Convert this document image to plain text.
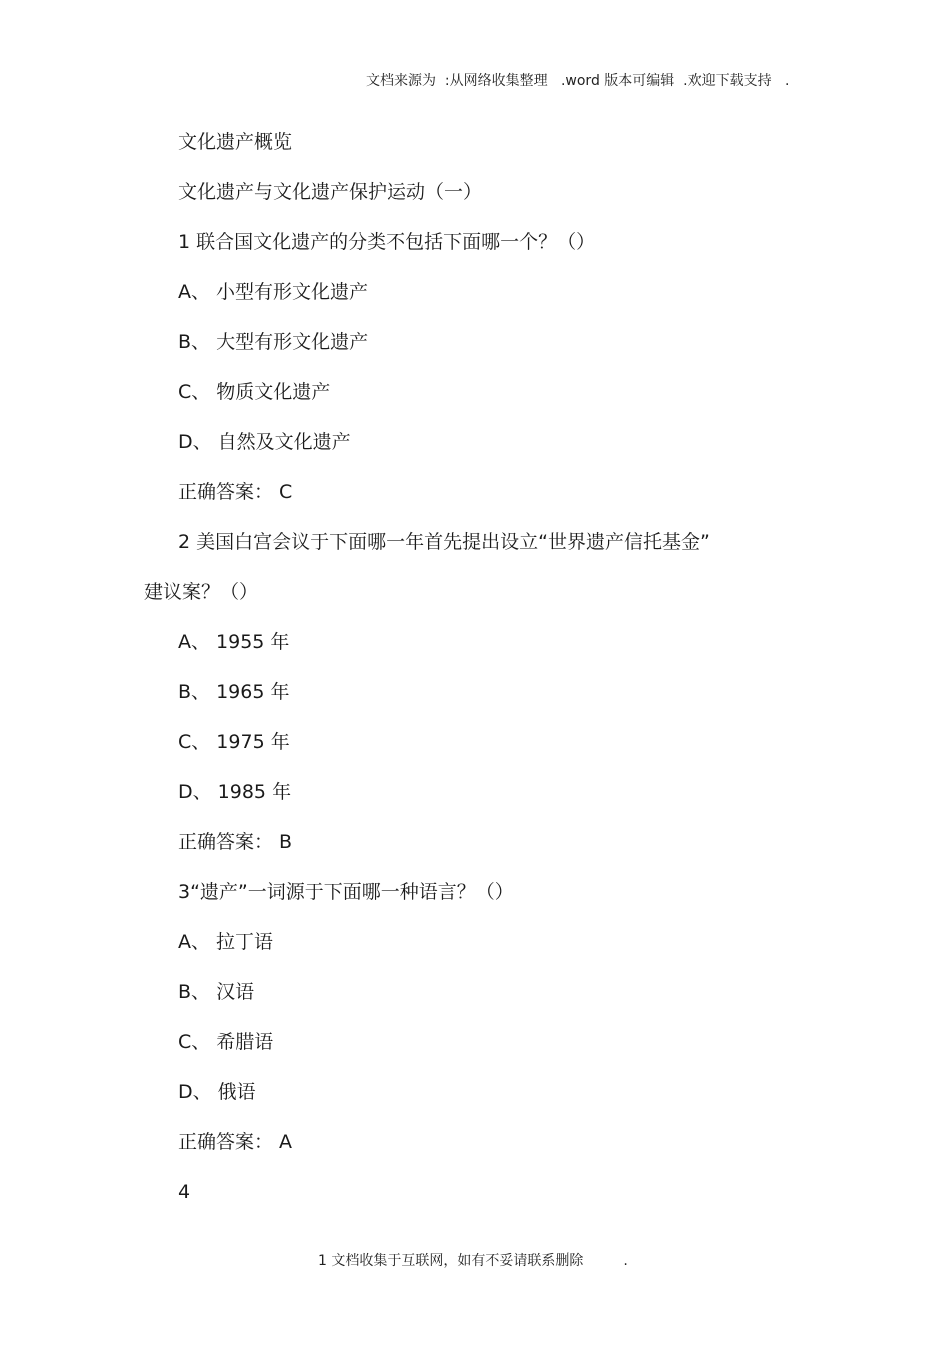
文档来源为  :从网络收集整理   .word 版本可编辑  .欢迎下载支持   .
文化遗产概览
文化遗产与文化遗产保护运动（一）
1 联合国文化遗产的分类不包括下面哪一个？（）
A、 小型有形文化遗产
B、 大型有形文化遗产
C、 物质文化遗产
D、 自然及文化遗产
正确答案： C
2 美国白宫会议于下面哪一年首先提出设立“世界遗产信托基金”
建议案？（）
A、 1955 年
B、 1965 年
C、 1975 年
D、 1985 年
正确答案： B
3“遗产”一词源于下面哪一种语言？（）
A、 拉丁语
B、 汉语
C、 希腊语
D、 俄语
正确答案： A
4
1 文档收集于互联网，如有不妥请联系删除         .
